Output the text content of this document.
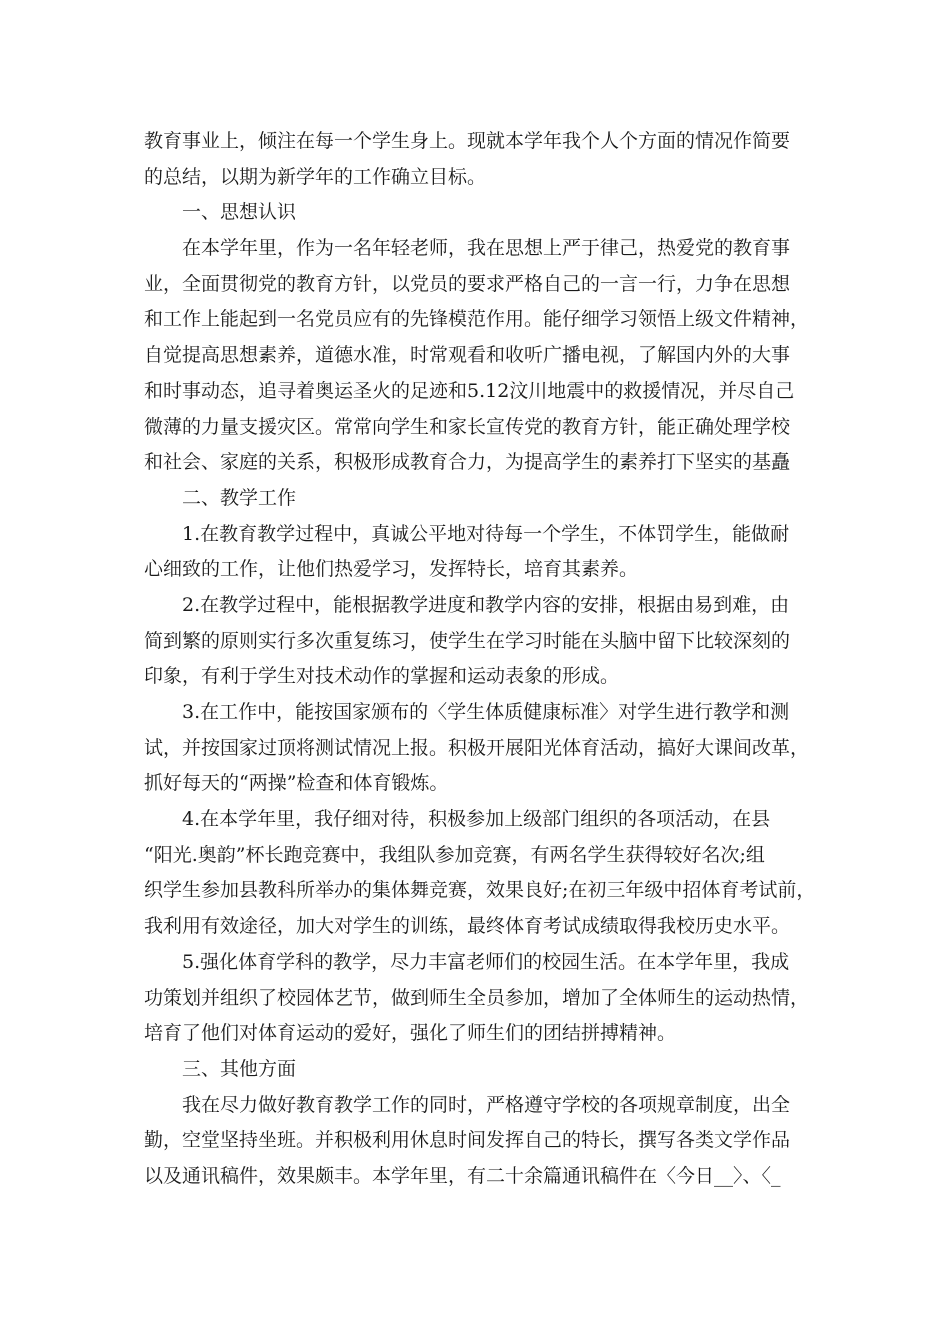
教育事业上，倾注在每一个学生身上。现就本学年我个人个方面的情况作简要
的总结，以期为新学年的工作确立目标。
一、思想认识
在本学年里，作为一名年轻老师，我在思想上严于律己，热爱党的教育事
业，全面贯彻党的教育方针，以党员的要求严格自己的一言一行，力争在思想
和工作上能起到一名党员应有的先锋模范作用。能仔细学习领悟上级文件精神，
自觉提高思想素养，道德水准，时常观看和收听广播电视，了解国内外的大事
和时事动态，追寻着奥运圣火的足迹和5.12汶川地震中的救援情况，并尽自己
微薄的力量支援灾区。常常向学生和家长宣传党的教育方针，能正确处理学校
和社会、家庭的关系，积极形成教育合力，为提高学生的素养打下坚实的基矗
二、教学工作
1.在教育教学过程中，真诚公平地对待每一个学生，不体罚学生，能做耐
心细致的工作，让他们热爱学习，发挥特长，培育其素养。
2.在教学过程中，能根据教学进度和教学内容的安排，根据由易到难，由
简到繁的原则实行多次重复练习，使学生在学习时能在头脑中留下比较深刻的
印象，有利于学生对技术动作的掌握和运动表象的形成。
3.在工作中，能按国家颁布的〈学生体质健康标准〉对学生进行教学和测
试，并按国家过顶将测试情况上报。积极开展阳光体育活动，搞好大课间改革，
抓好每天的“两操”检查和体育锻炼。
4.在本学年里，我仔细对待，积极参加上级部门组织的各项活动，在县
“阳光.奥韵”杯长跑竞赛中，我组队参加竞赛，有两名学生获得较好名次;组
织学生参加县教科所举办的集体舞竞赛，效果良好;在初三年级中招体育考试前，
我利用有效途径，加大对学生的训练，最终体育考试成绩取得我校历史水平。
5.强化体育学科的教学，尽力丰富老师们的校园生活。在本学年里，我成
功策划并组织了校园体艺节，做到师生全员参加，增加了全体师生的运动热情，
培育了他们对体育运动的爱好，强化了师生们的团结拼搏精神。
三、其他方面
我在尽力做好教育教学工作的同时，严格遵守学校的各项规章制度，出全
勤，空堂坚持坐班。并积极利用休息时间发挥自己的特长，撰写各类文学作品
以及通讯稿件，效果颇丰。本学年里，有二十余篇通讯稿件在〈今日__〉、〈_
